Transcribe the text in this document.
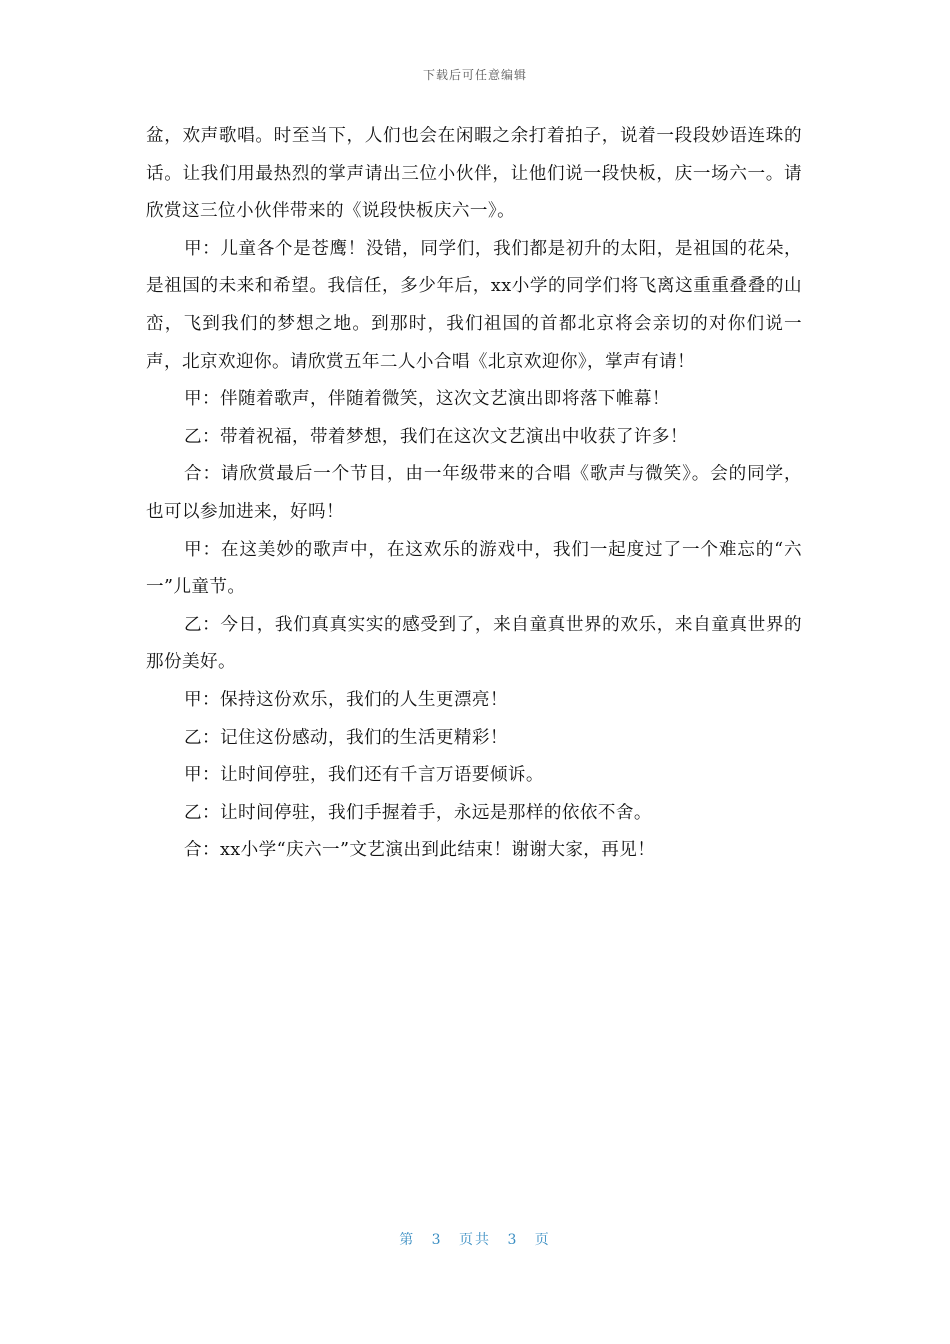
下载后可任意编辑

盆，欢声歌唱。时至当下，人们也会在闲暇之余打着拍子，说着一段段妙语连珠的话。让我们用最热烈的掌声请出三位小伙伴，让他们说一段快板，庆一场六一。请欣赏这三位小伙伴带来的《说段快板庆六一》。

甲：儿童各个是苍鹰！没错，同学们，我们都是初升的太阳，是祖国的花朵，是祖国的未来和希望。我信任，多少年后，xx小学的同学们将飞离这重重叠叠的山峦，飞到我们的梦想之地。到那时，我们祖国的首都北京将会亲切的对你们说一声，北京欢迎你。请欣赏五年二人小合唱《北京欢迎你》，掌声有请！

甲：伴随着歌声，伴随着微笑，这次文艺演出即将落下帷幕！

乙：带着祝福，带着梦想，我们在这次文艺演出中收获了许多！

合：请欣赏最后一个节目，由一年级带来的合唱《歌声与微笑》。会的同学，也可以参加进来，好吗！

甲：在这美妙的歌声中，在这欢乐的游戏中，我们一起度过了一个难忘的“六一”儿童节。

乙：今日，我们真真实实的感受到了，来自童真世界的欢乐，来自童真世界的那份美好。

甲：保持这份欢乐，我们的人生更漂亮！

乙：记住这份感动，我们的生活更精彩！

甲：让时间停驻，我们还有千言万语要倾诉。

乙：让时间停驻，我们手握着手，永远是那样的依依不舍。

合：xx小学“庆六一”文艺演出到此结束！谢谢大家，再见！

第 3 页共 3 页
